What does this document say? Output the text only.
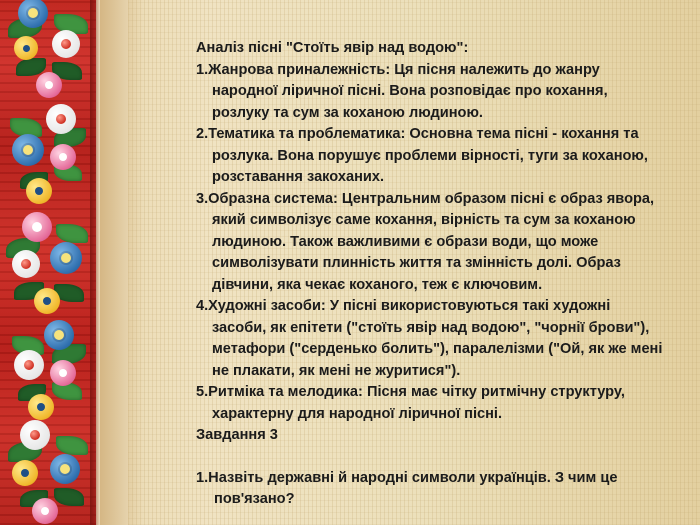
Аналіз пісні "Стоїть явір над водою":
1.Жанрова приналежність: Ця пісня належить до жанру народної ліричної пісні. Вона розповідає про кохання, розлуку та сум за коханою людиною.
2.Тематика та проблематика: Основна тема пісні - кохання та розлука. Вона порушує проблеми вірності, туги за коханою, розставання закоханих.
3.Образна система: Центральним образом пісні є образ явора, який символізує саме кохання, вірність та сум за коханою людиною. Також важливими є образи води, що може символізувати плинність життя та змінність долі. Образ дівчини, яка чекає коханого, теж є ключовим.
4.Художні засоби: У пісні використовуються такі художні засоби, як епітети ("стоїть явір над водою", "чорнії брови"), метафори ("серденько болить"), паралелізми ("Ой, як же мені не плакати, як мені не журитися").
5.Ритміка та мелодика: Пісня має чітку ритмічну структуру, характерну для народної ліричної пісні.
Завдання 3
1.Назвіть державні й народні символи українців. З чим це пов'язано?
